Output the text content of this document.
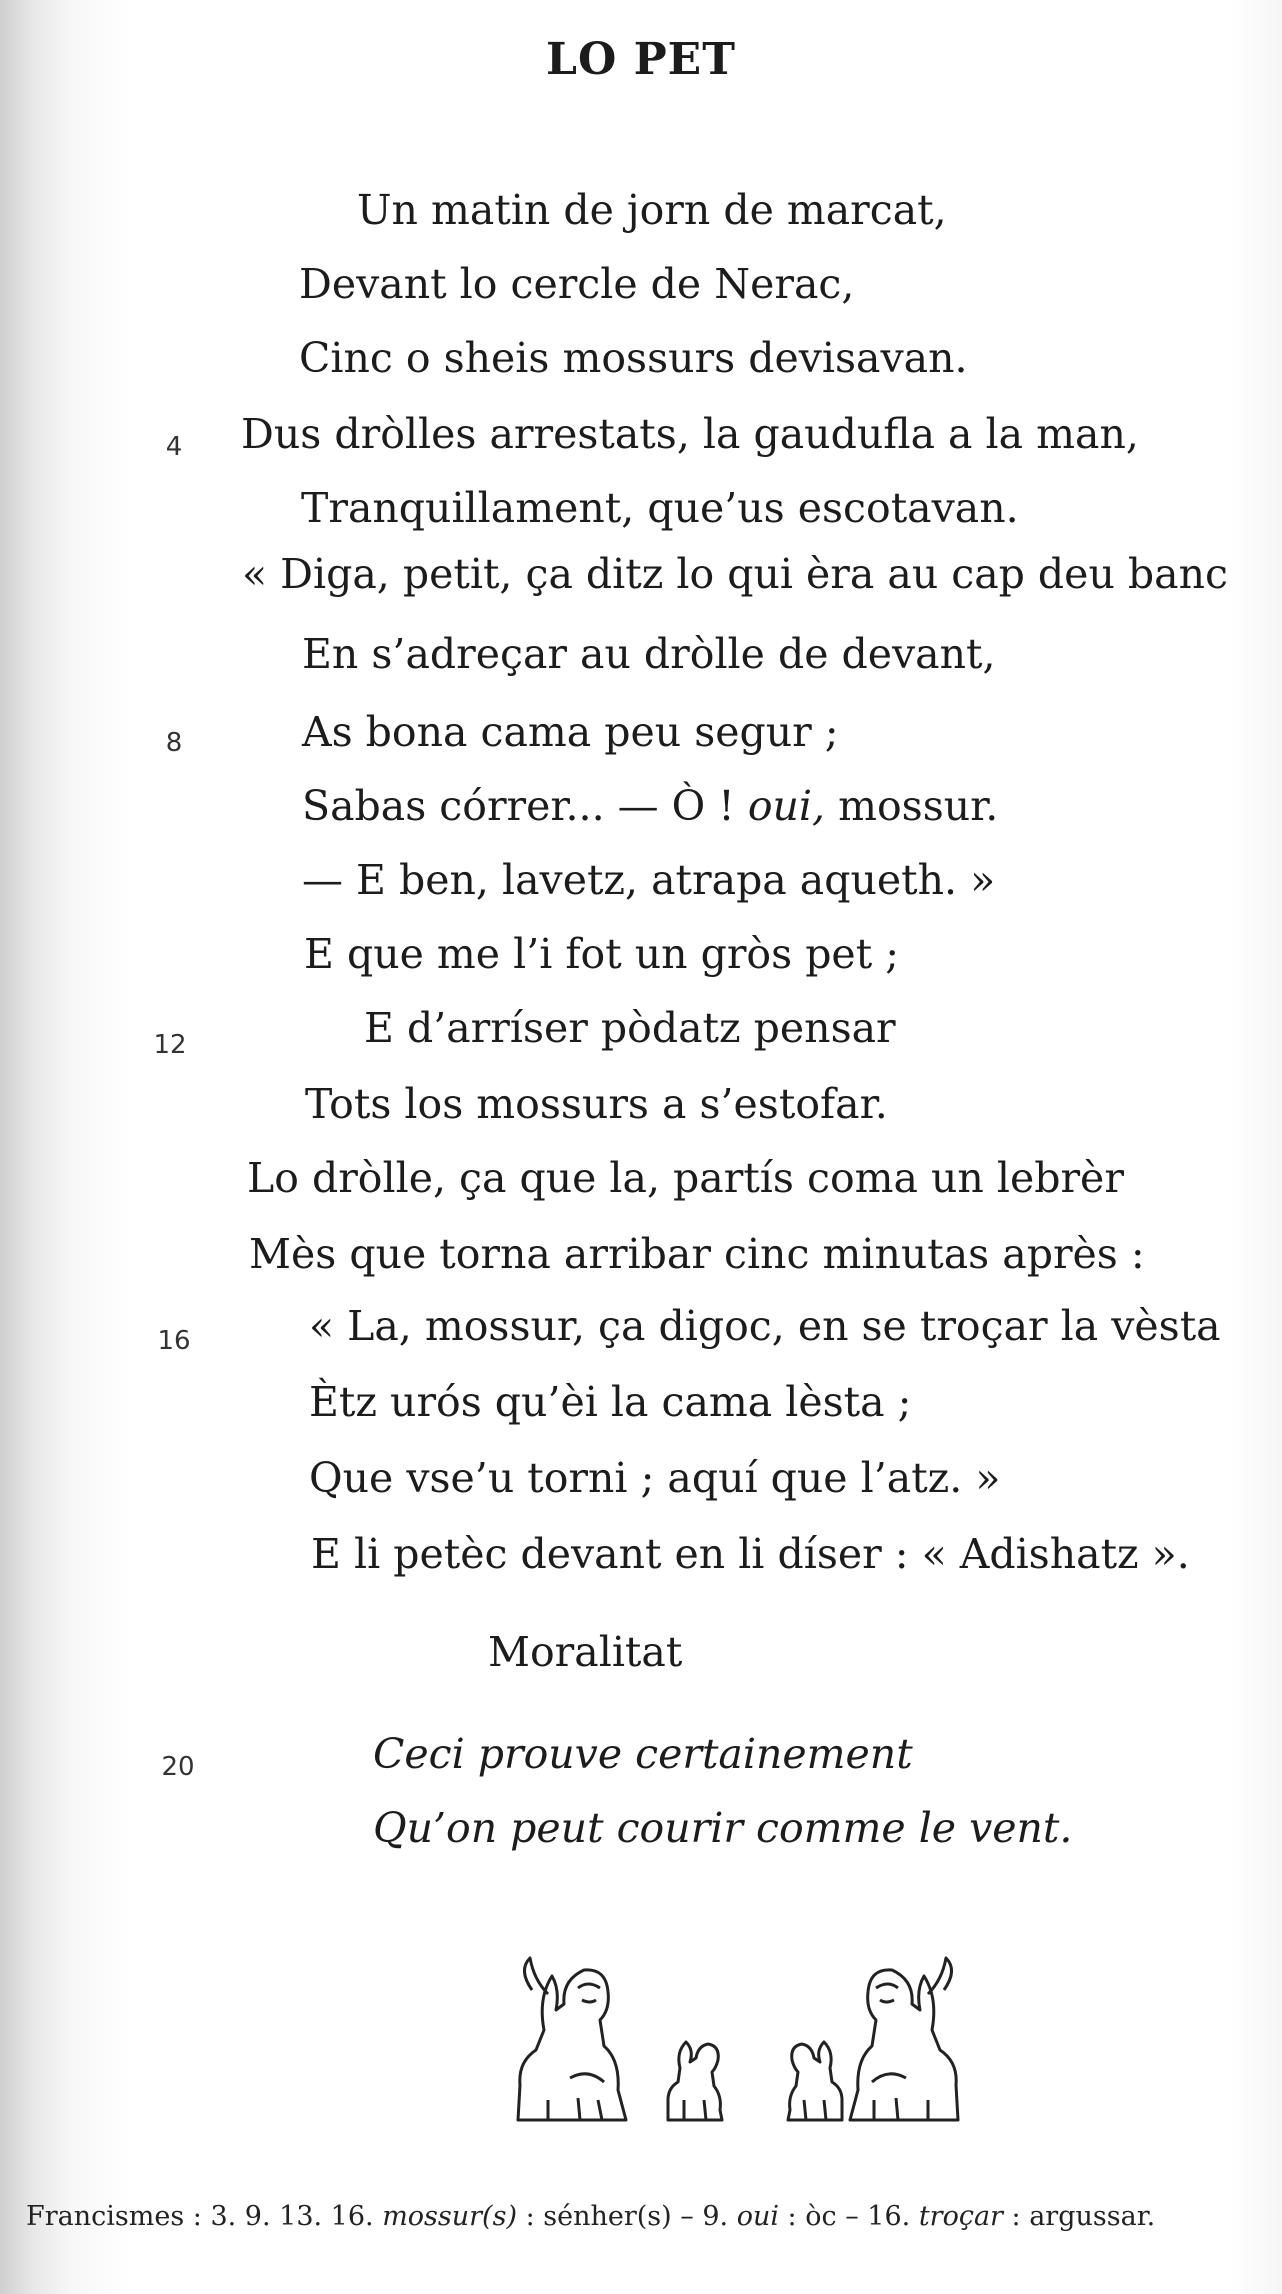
LO PET
Un matin de jorn de marcat,
Devant lo cercle de Nerac,
Cinc o sheis mossurs devisavan.
Dus dròlles arrestats, la gaudufla a la man,
Tranquillament, que’us escotavan.
« Diga, petit, ça ditz lo qui èra au cap deu banc
En s’adreçar au dròlle de devant,
As bona cama peu segur ;
Sabas córrer... — Ò ! oui, mossur.
— E ben, lavetz, atrapa aqueth. »
E que me l’i fot un gròs pet ;
E d’arríser pòdatz pensar
Tots los mossurs a s’estofar.
Lo dròlle, ça que la, partís coma un lebrèr
Mès que torna arribar cinc minutas après :
« La, mossur, ça digoc, en se troçar la vèsta
Ètz urós qu’èi la cama lèsta ;
Que vse’u torni ; aquí que l’atz. »
E li petèc devant en li díser : « Adishatz ».
4
8
12
16
20
Moralitat
Ceci prouve certainement
Qu’on peut courir comme le vent.
Francismes : 3. 9. 13. 16. mossur(s) : sénher(s) – 9. oui : òc – 16. troçar : argussar.
